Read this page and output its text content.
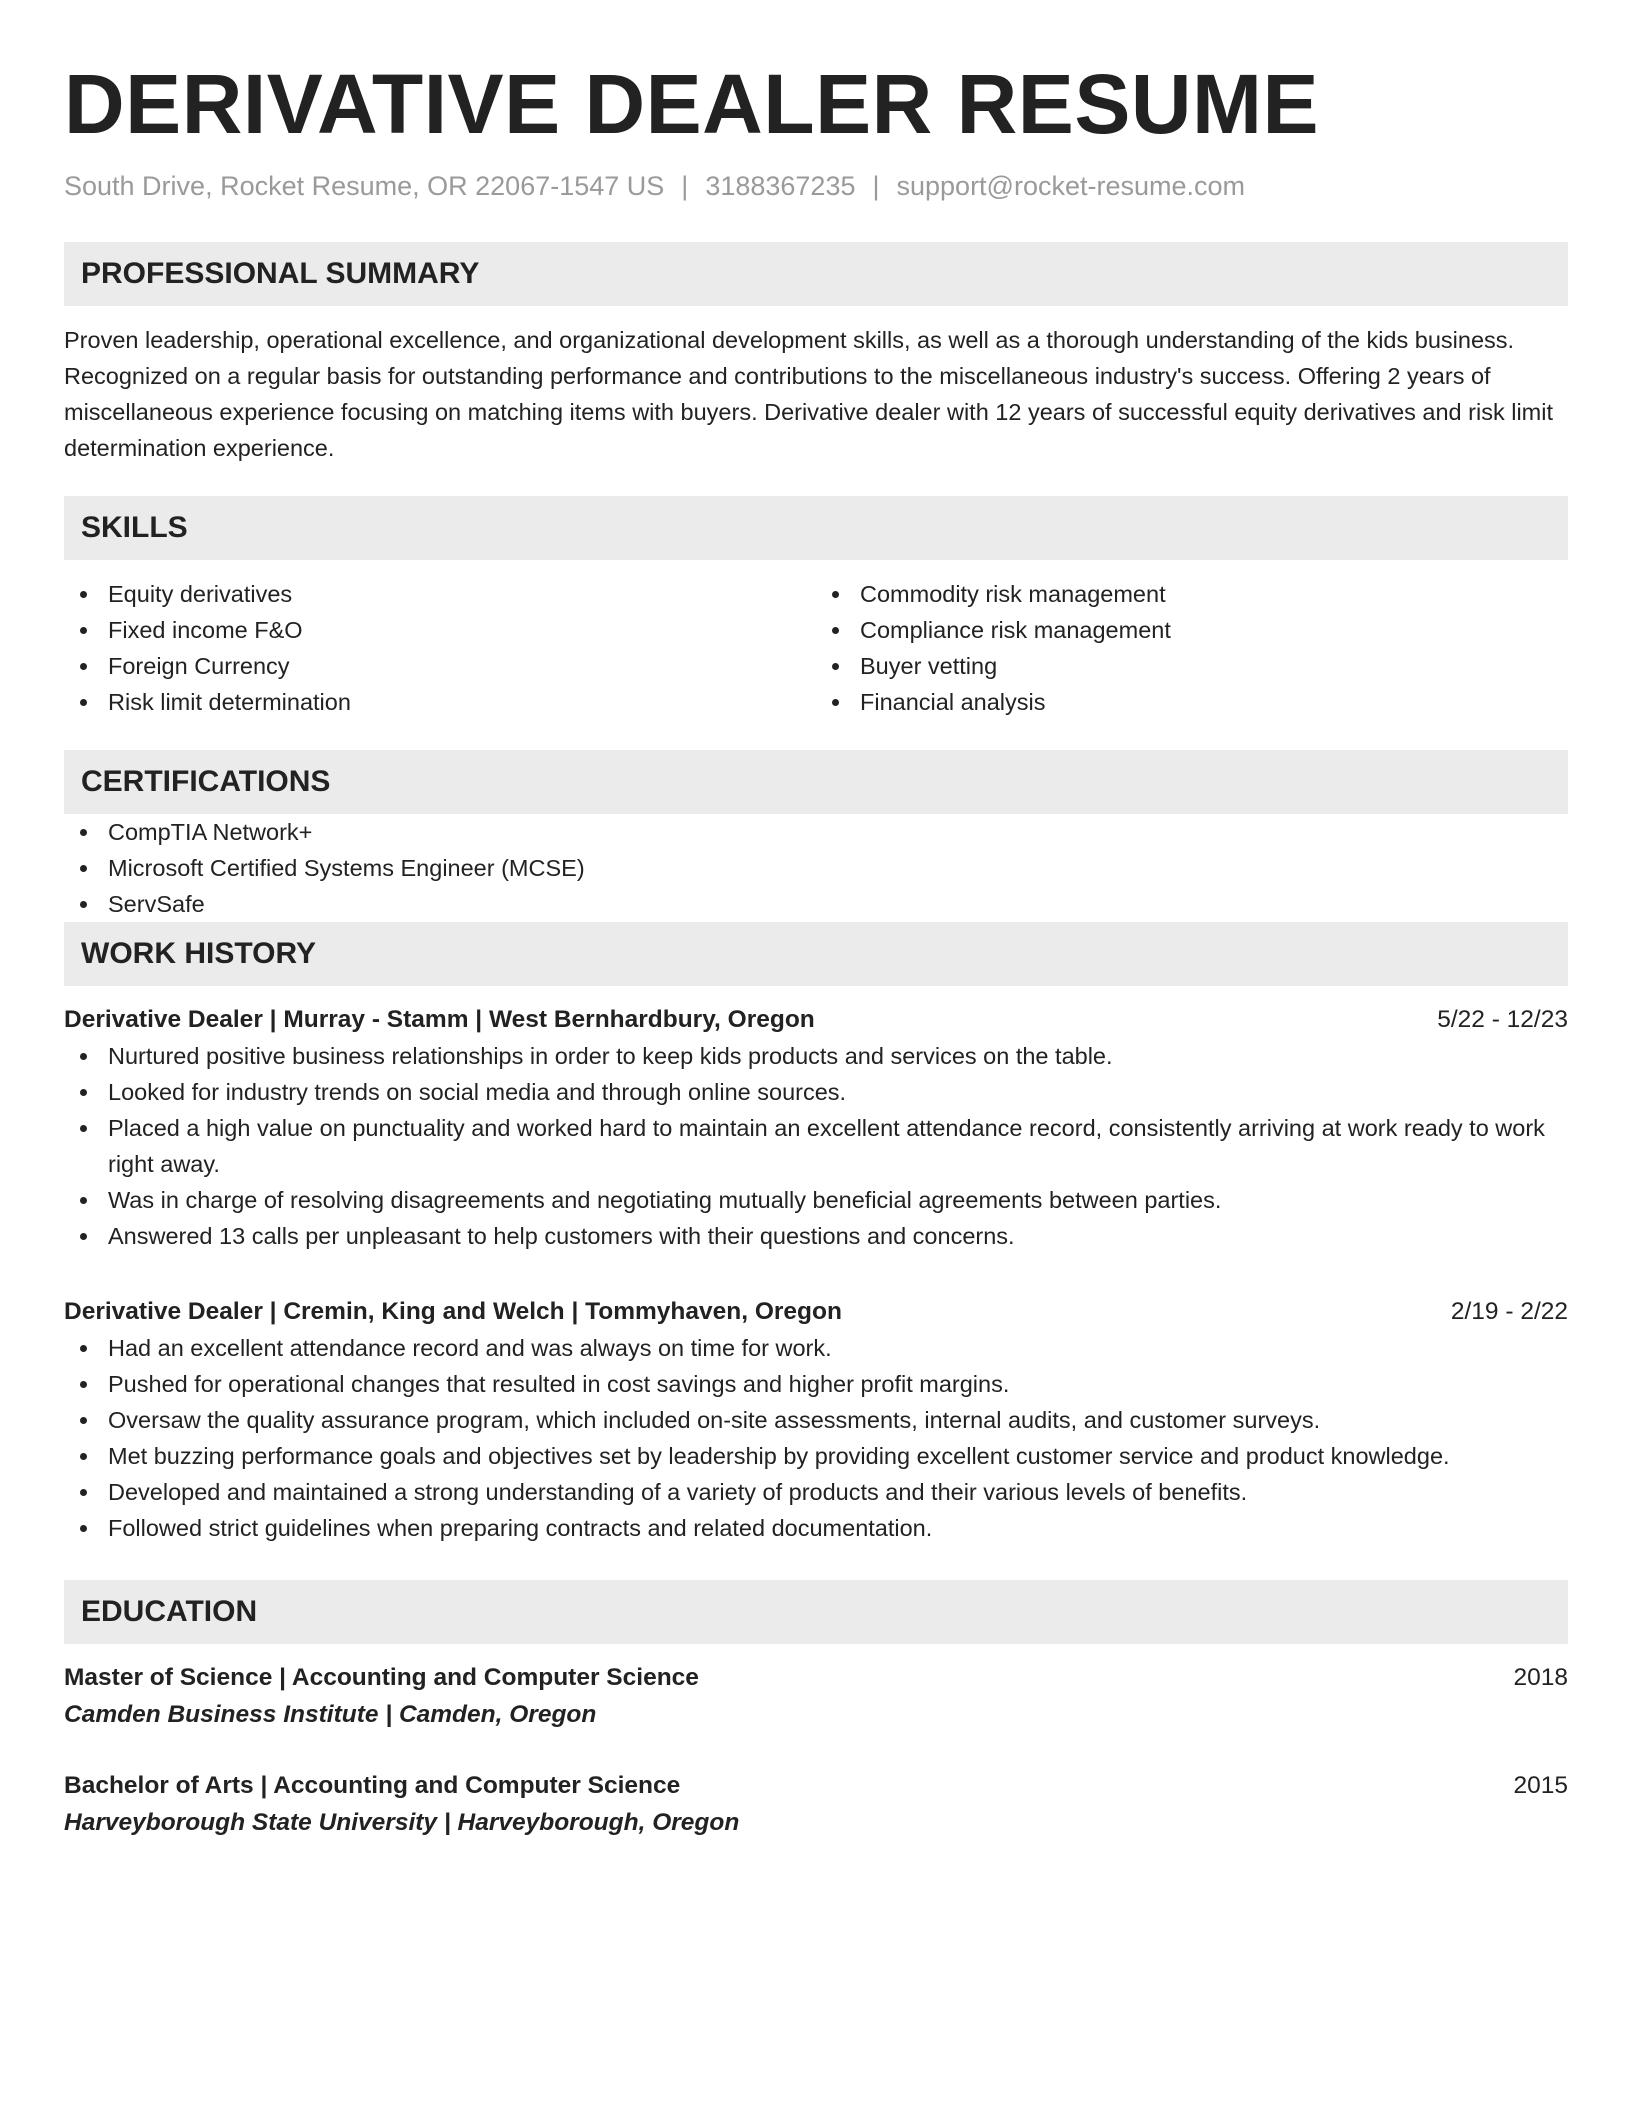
DERIVATIVE DEALER RESUME
South Drive, Rocket Resume, OR 22067-1547 US | 3188367235 | support@rocket-resume.com
PROFESSIONAL SUMMARY
Proven leadership, operational excellence, and organizational development skills, as well as a thorough understanding of the kids business. Recognized on a regular basis for outstanding performance and contributions to the miscellaneous industry's success. Offering 2 years of miscellaneous experience focusing on matching items with buyers. Derivative dealer with 12 years of successful equity derivatives and risk limit determination experience.
SKILLS
Equity derivatives
Fixed income F&O
Foreign Currency
Risk limit determination
Commodity risk management
Compliance risk management
Buyer vetting
Financial analysis
CERTIFICATIONS
CompTIA Network+
Microsoft Certified Systems Engineer (MCSE)
ServSafe
WORK HISTORY
Derivative Dealer | Murray - Stamm | West Bernhardbury, Oregon	5/22 - 12/23
Nurtured positive business relationships in order to keep kids products and services on the table.
Looked for industry trends on social media and through online sources.
Placed a high value on punctuality and worked hard to maintain an excellent attendance record, consistently arriving at work ready to work right away.
Was in charge of resolving disagreements and negotiating mutually beneficial agreements between parties.
Answered 13 calls per unpleasant to help customers with their questions and concerns.
Derivative Dealer | Cremin, King and Welch | Tommyhaven, Oregon	2/19 - 2/22
Had an excellent attendance record and was always on time for work.
Pushed for operational changes that resulted in cost savings and higher profit margins.
Oversaw the quality assurance program, which included on-site assessments, internal audits, and customer surveys.
Met buzzing performance goals and objectives set by leadership by providing excellent customer service and product knowledge.
Developed and maintained a strong understanding of a variety of products and their various levels of benefits.
Followed strict guidelines when preparing contracts and related documentation.
EDUCATION
Master of Science | Accounting and Computer Science	2018
Camden Business Institute | Camden, Oregon
Bachelor of Arts | Accounting and Computer Science	2015
Harveyborough State University | Harveyborough, Oregon
